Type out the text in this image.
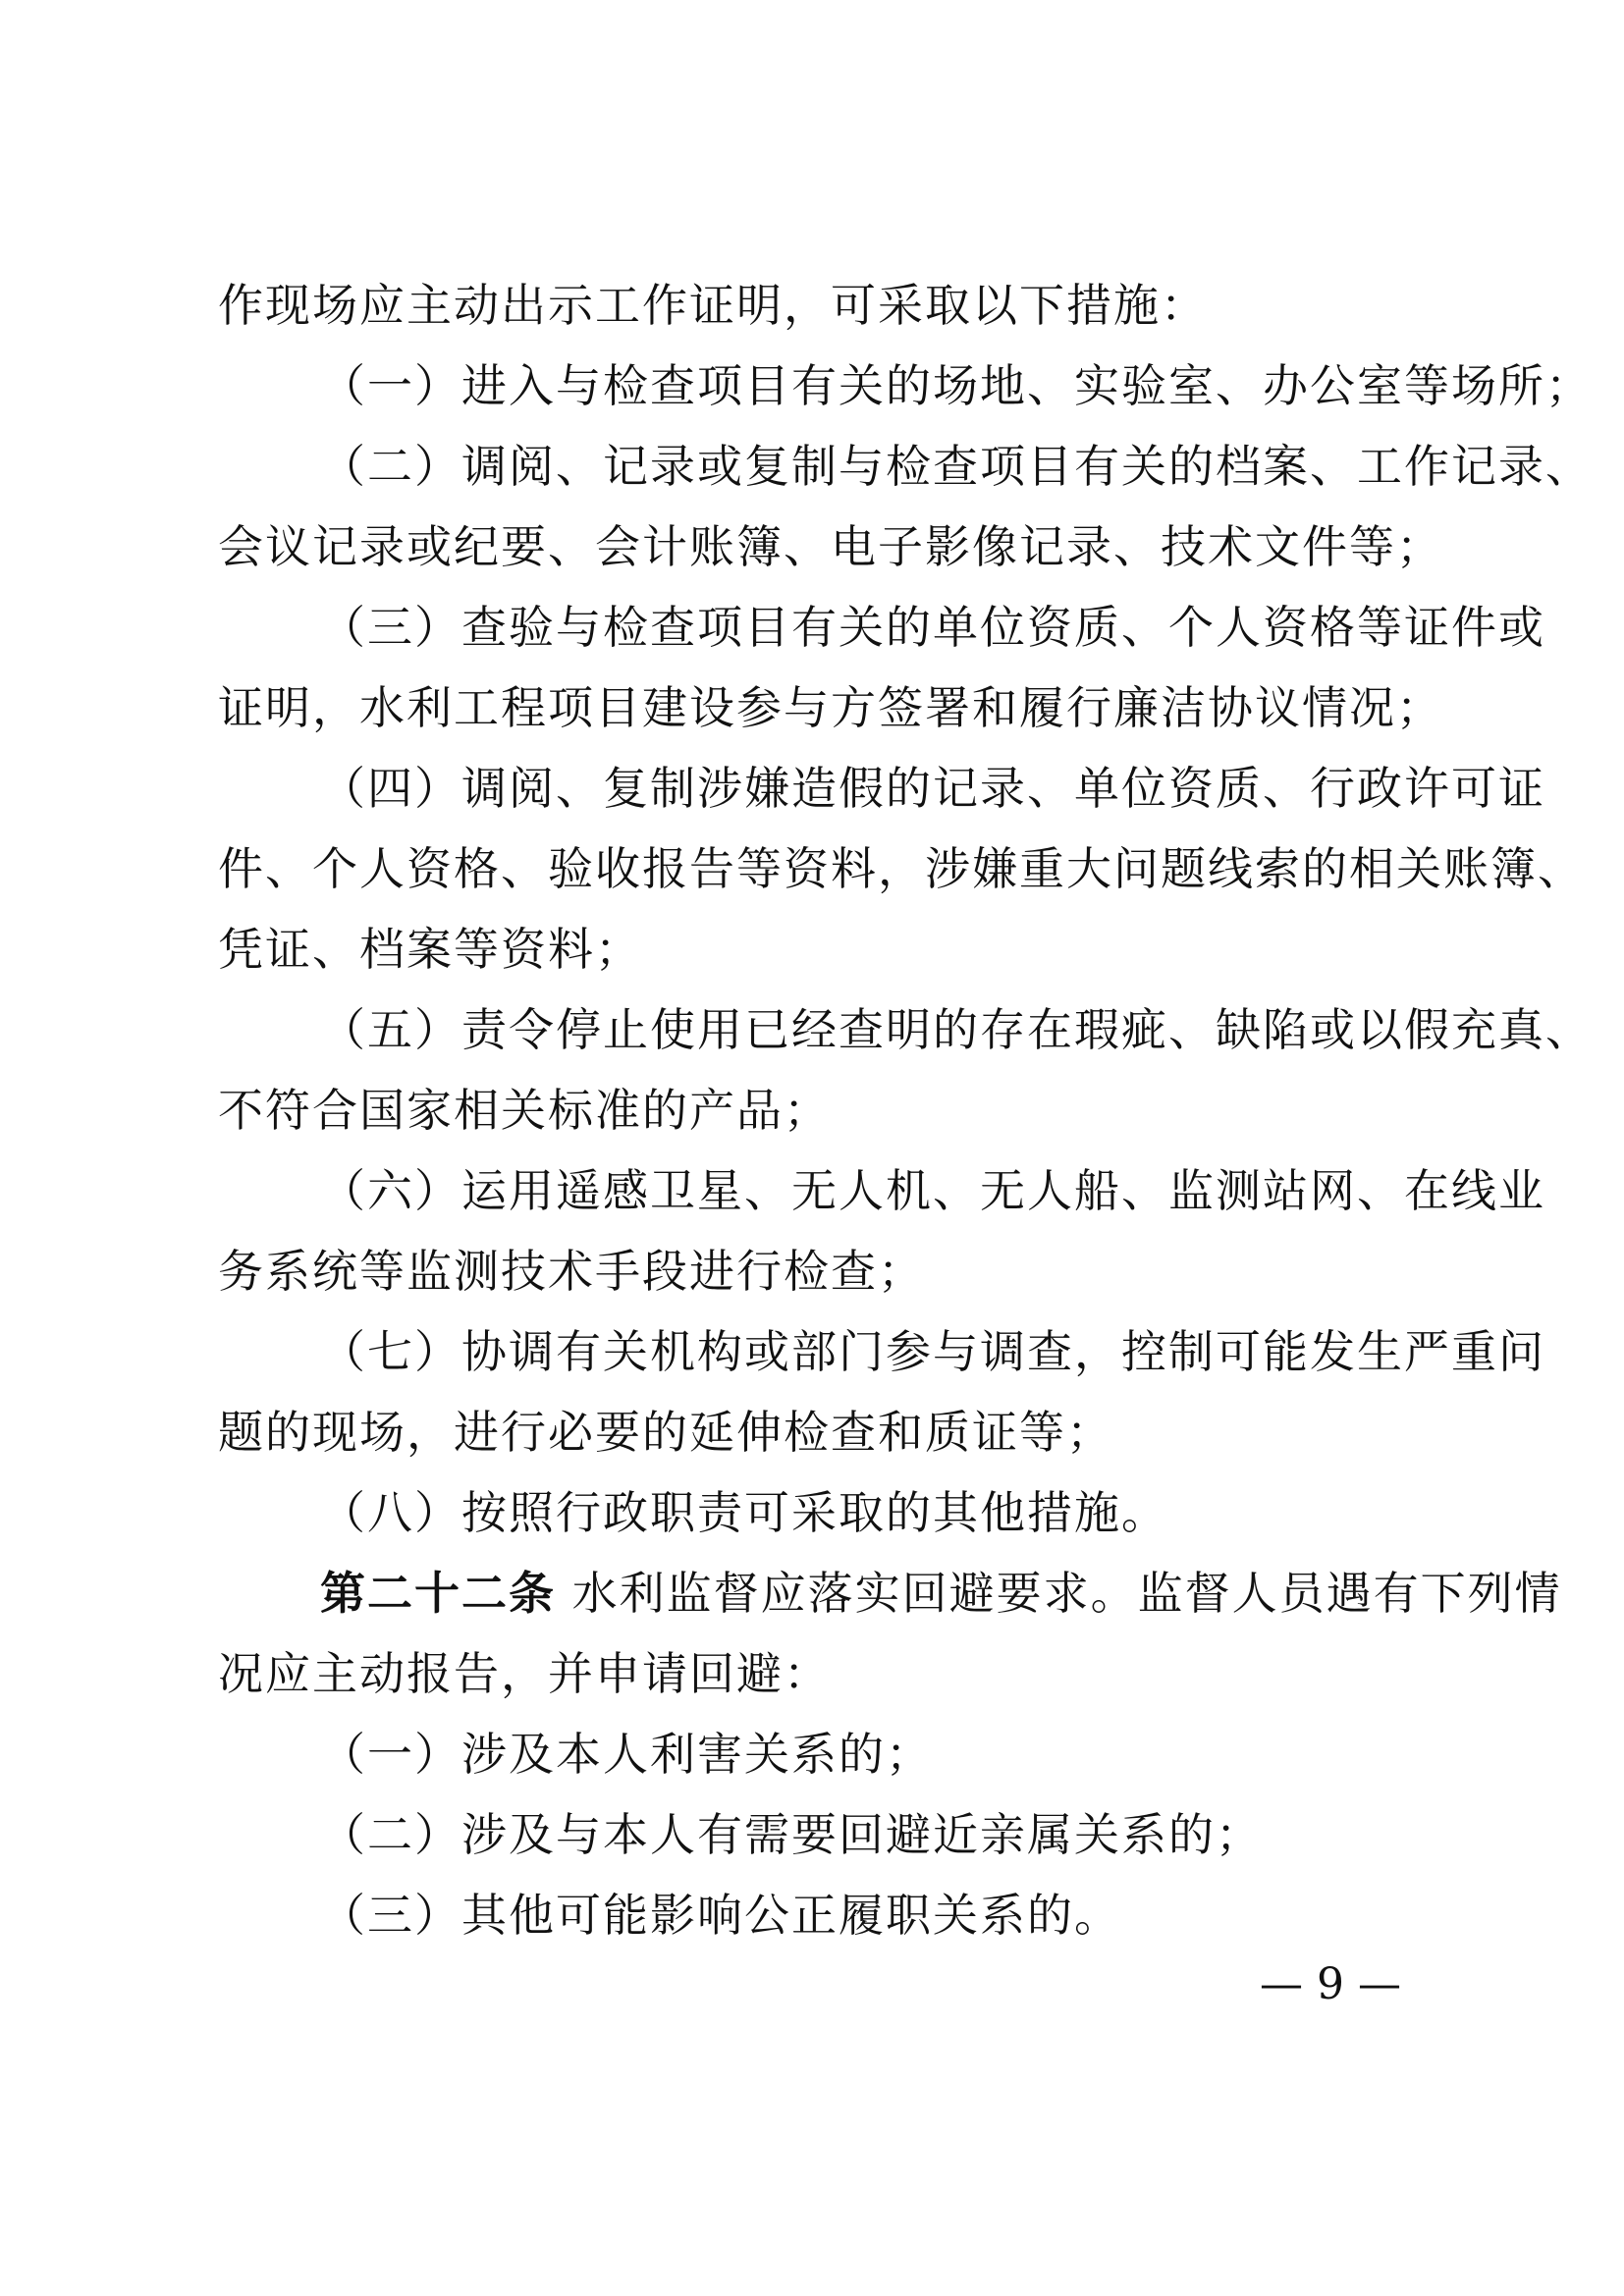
作现场应主动出示工作证明，可采取以下措施：
（一）进入与检查项目有关的场地、实验室、办公室等场所；
（二）调阅、记录或复制与检查项目有关的档案、工作记录、
会议记录或纪要、会计账簿、电子影像记录、技术文件等；
（三）查验与检查项目有关的单位资质、个人资格等证件或
证明，水利工程项目建设参与方签署和履行廉洁协议情况；
（四）调阅、复制涉嫌造假的记录、单位资质、行政许可证
件、个人资格、验收报告等资料，涉嫌重大问题线索的相关账簿、
凭证、档案等资料；
（五）责令停止使用已经查明的存在瑕疵、缺陷或以假充真、
不符合国家相关标准的产品；
（六）运用遥感卫星、无人机、无人船、监测站网、在线业
务系统等监测技术手段进行检查；
（七）协调有关机构或部门参与调查，控制可能发生严重问
题的现场，进行必要的延伸检查和质证等；
（八）按照行政职责可采取的其他措施。
第二十二条 水利监督应落实回避要求。监督人员遇有下列情
况应主动报告，并申请回避：
（一）涉及本人利害关系的；
（二）涉及与本人有需要回避近亲属关系的；
（三）其他可能影响公正履职关系的。
— 9 —
